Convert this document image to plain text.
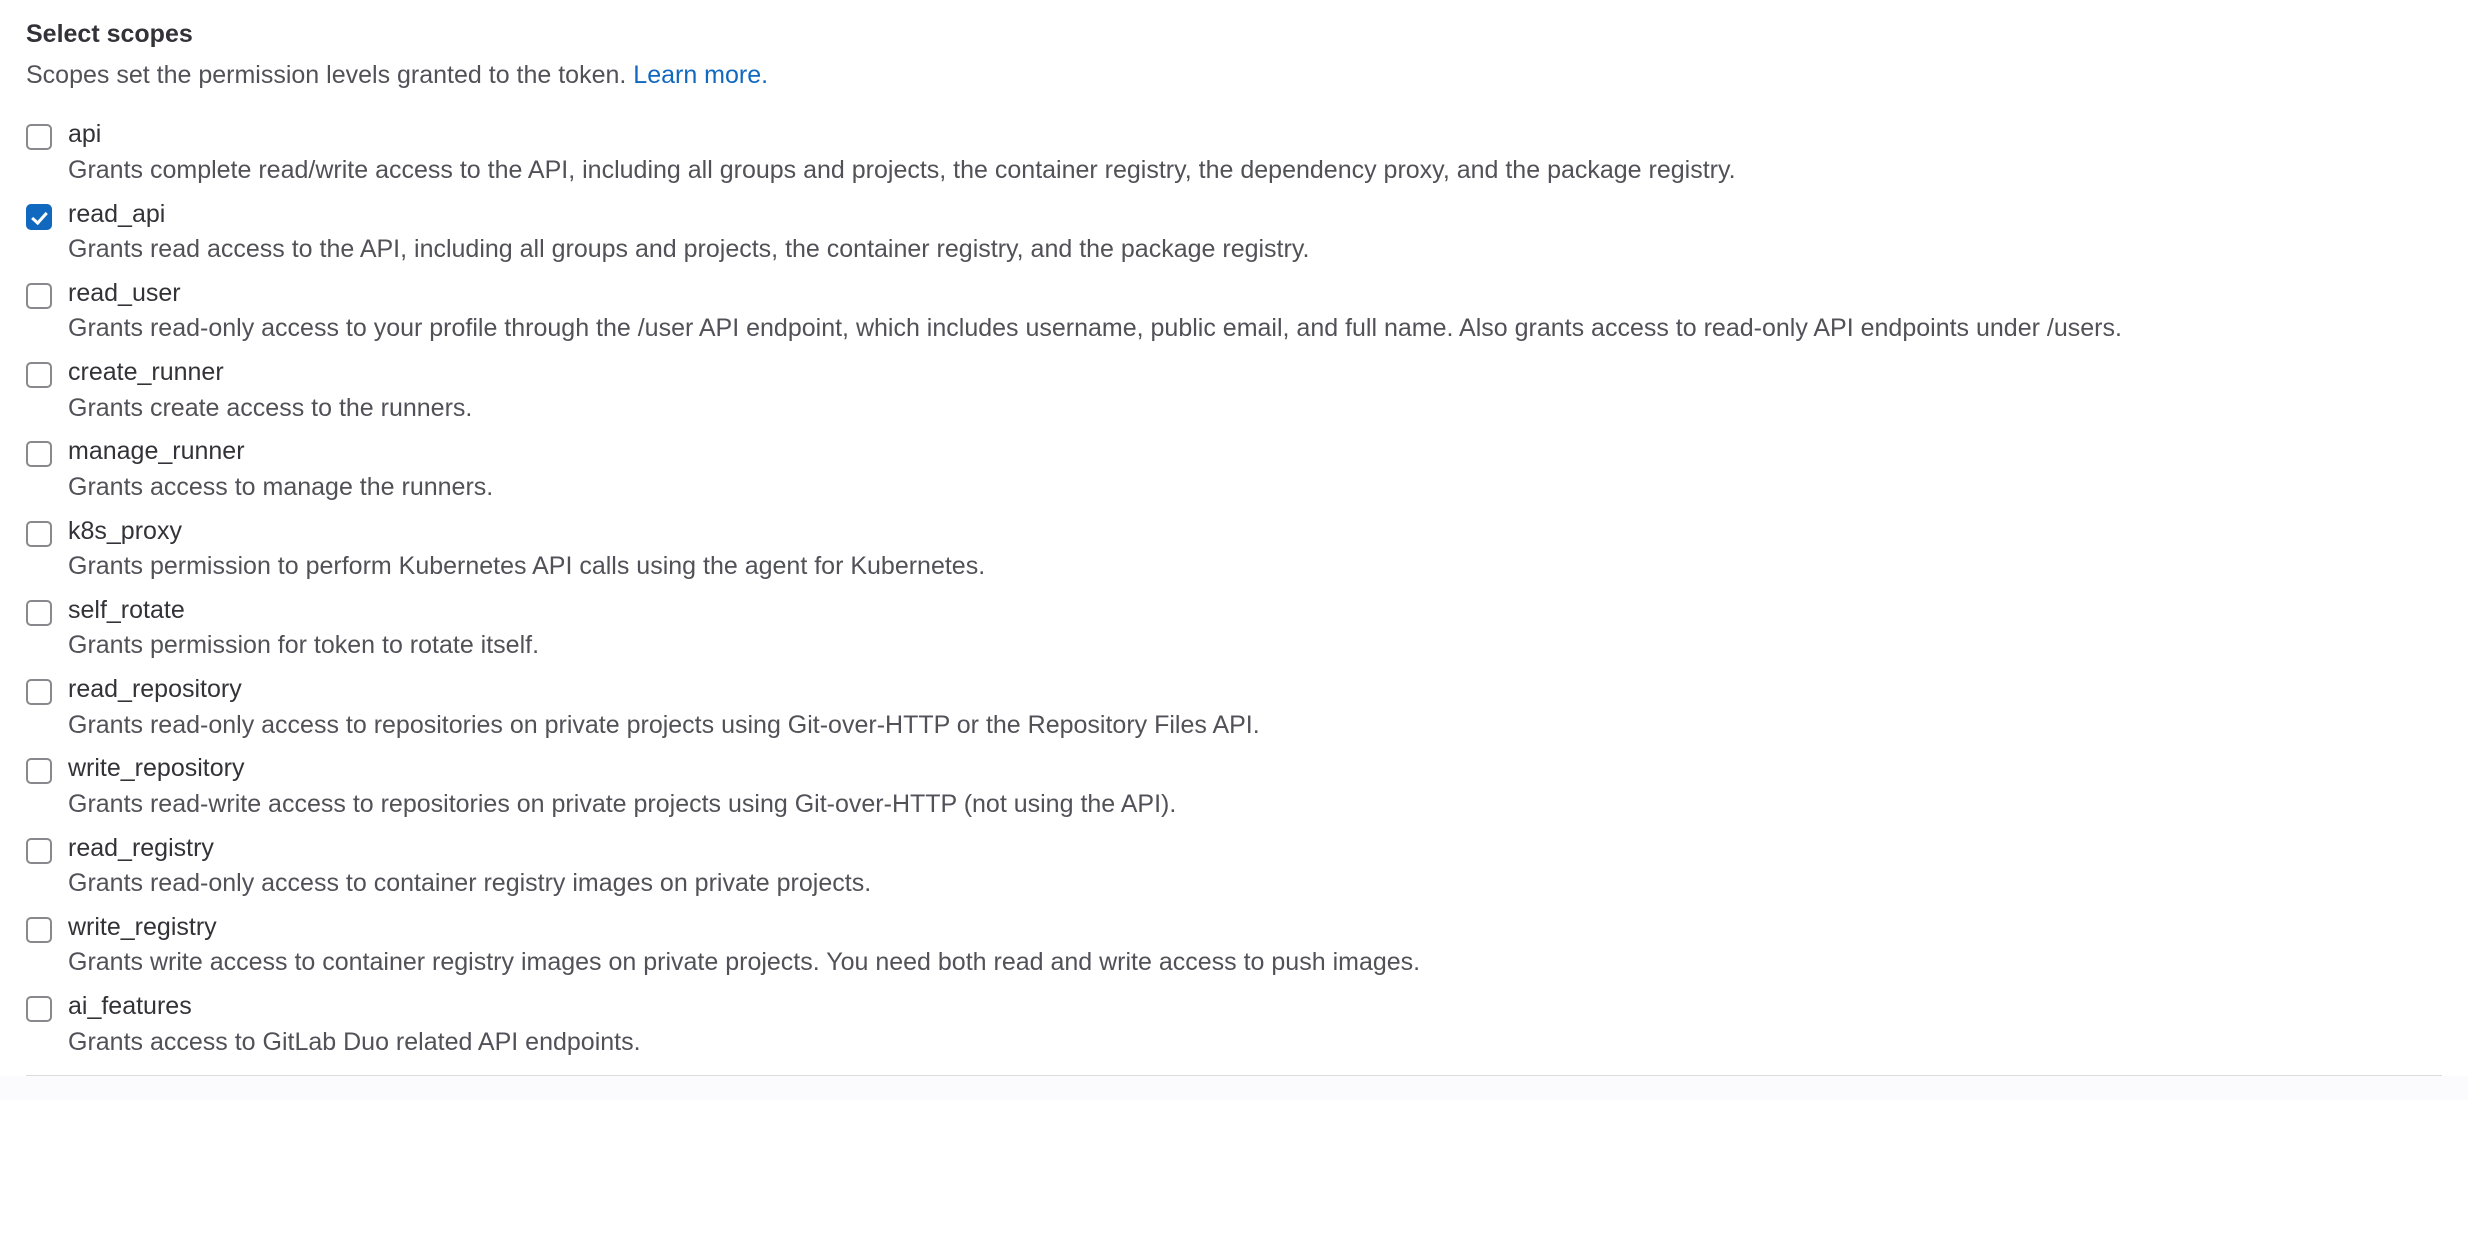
Select scopes
Scopes set the permission levels granted to the token. Learn more.
api
Grants complete read/write access to the API, including all groups and projects, the container registry, the dependency proxy, and the package registry.
read_api
Grants read access to the API, including all groups and projects, the container registry, and the package registry.
read_user
Grants read-only access to your profile through the /user API endpoint, which includes username, public email, and full name. Also grants access to read-only API endpoints under /users.
create_runner
Grants create access to the runners.
manage_runner
Grants access to manage the runners.
k8s_proxy
Grants permission to perform Kubernetes API calls using the agent for Kubernetes.
self_rotate
Grants permission for token to rotate itself.
read_repository
Grants read-only access to repositories on private projects using Git-over-HTTP or the Repository Files API.
write_repository
Grants read-write access to repositories on private projects using Git-over-HTTP (not using the API).
read_registry
Grants read-only access to container registry images on private projects.
write_registry
Grants write access to container registry images on private projects. You need both read and write access to push images.
ai_features
Grants access to GitLab Duo related API endpoints.
